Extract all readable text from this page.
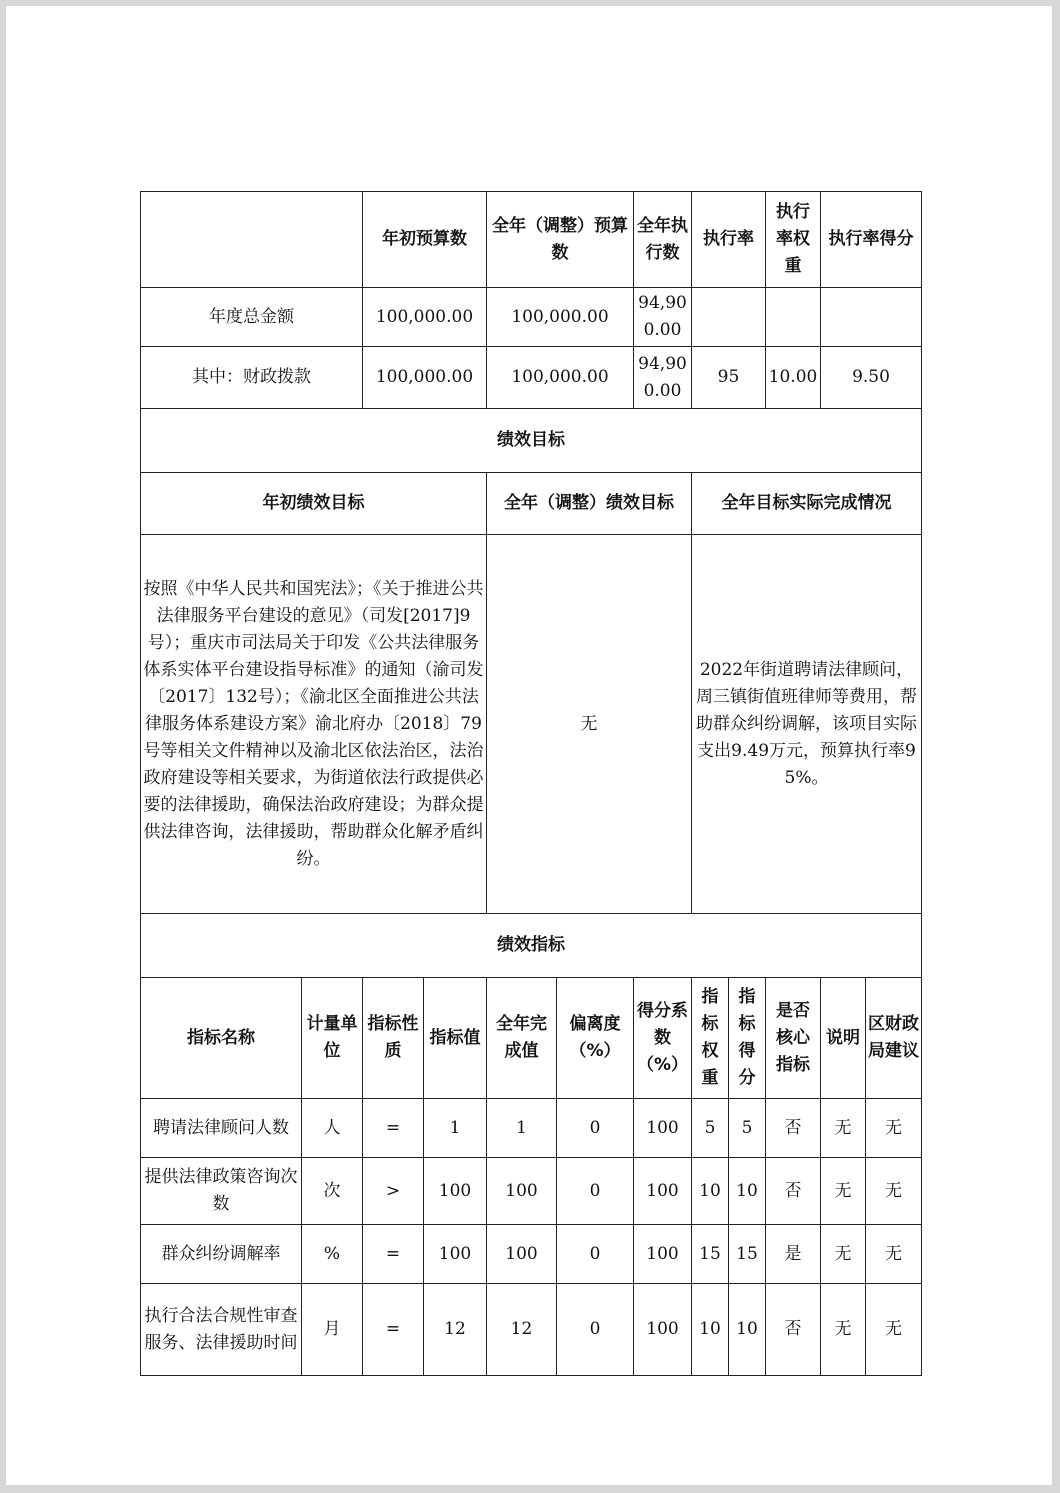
		年初预算数		全年（调整）预算数		全年执行数	执行率		执行率权重	执行率得分	
年度总金额		100,000.00		100,000.00		94,900.00					
其中：财政拨款		100,000.00		100,000.00		94,900.00	95		10.00	9.50	
绩效目标											
年初绩效目标				全年（调整）绩效目标			全年目标实际完成情况				
按照《中华人民共和国宪法》；《关于推进公共法律服务平台建设的意见》（司发[2017]9号）；重庆市司法局关于印发《公共法律服务体系实体平台建设指导标准》的通知（渝司发〔2017〕132号）；《渝北区全面推进公共法律服务体系建设方案》渝北府办〔2018〕79号等相关文件精神以及渝北区依法治区，法治政府建设等相关要求，为街道依法行政提供必要的法律援助，确保法治政府建设；为群众提供法律咨询，法律援助，帮助群众化解矛盾纠纷。				无			2022年街道聘请法律顾问，周三镇街值班律师等费用，帮助群众纠纷调解，该项目实际支出9.49万元，预算执行率95%。				
绩效指标											
指标名称	计量单位	指标性质	指标值	全年完成值	偏离度（%）	得分系数（%）	指标权重	指标得分	是否核心指标	说明	区财政局建议
聘请法律顾问人数	人	=	1	1	0	100	5	5	否	无	无
提供法律政策咨询次数	次	>	100	100	0	100	10	10	否	无	无
群众纠纷调解率	%	=	100	100	0	100	15	15	是	无	无
执行合法合规性审查服务、法律援助时间	月	=	12	12	0	100	10	10	否	无	无
